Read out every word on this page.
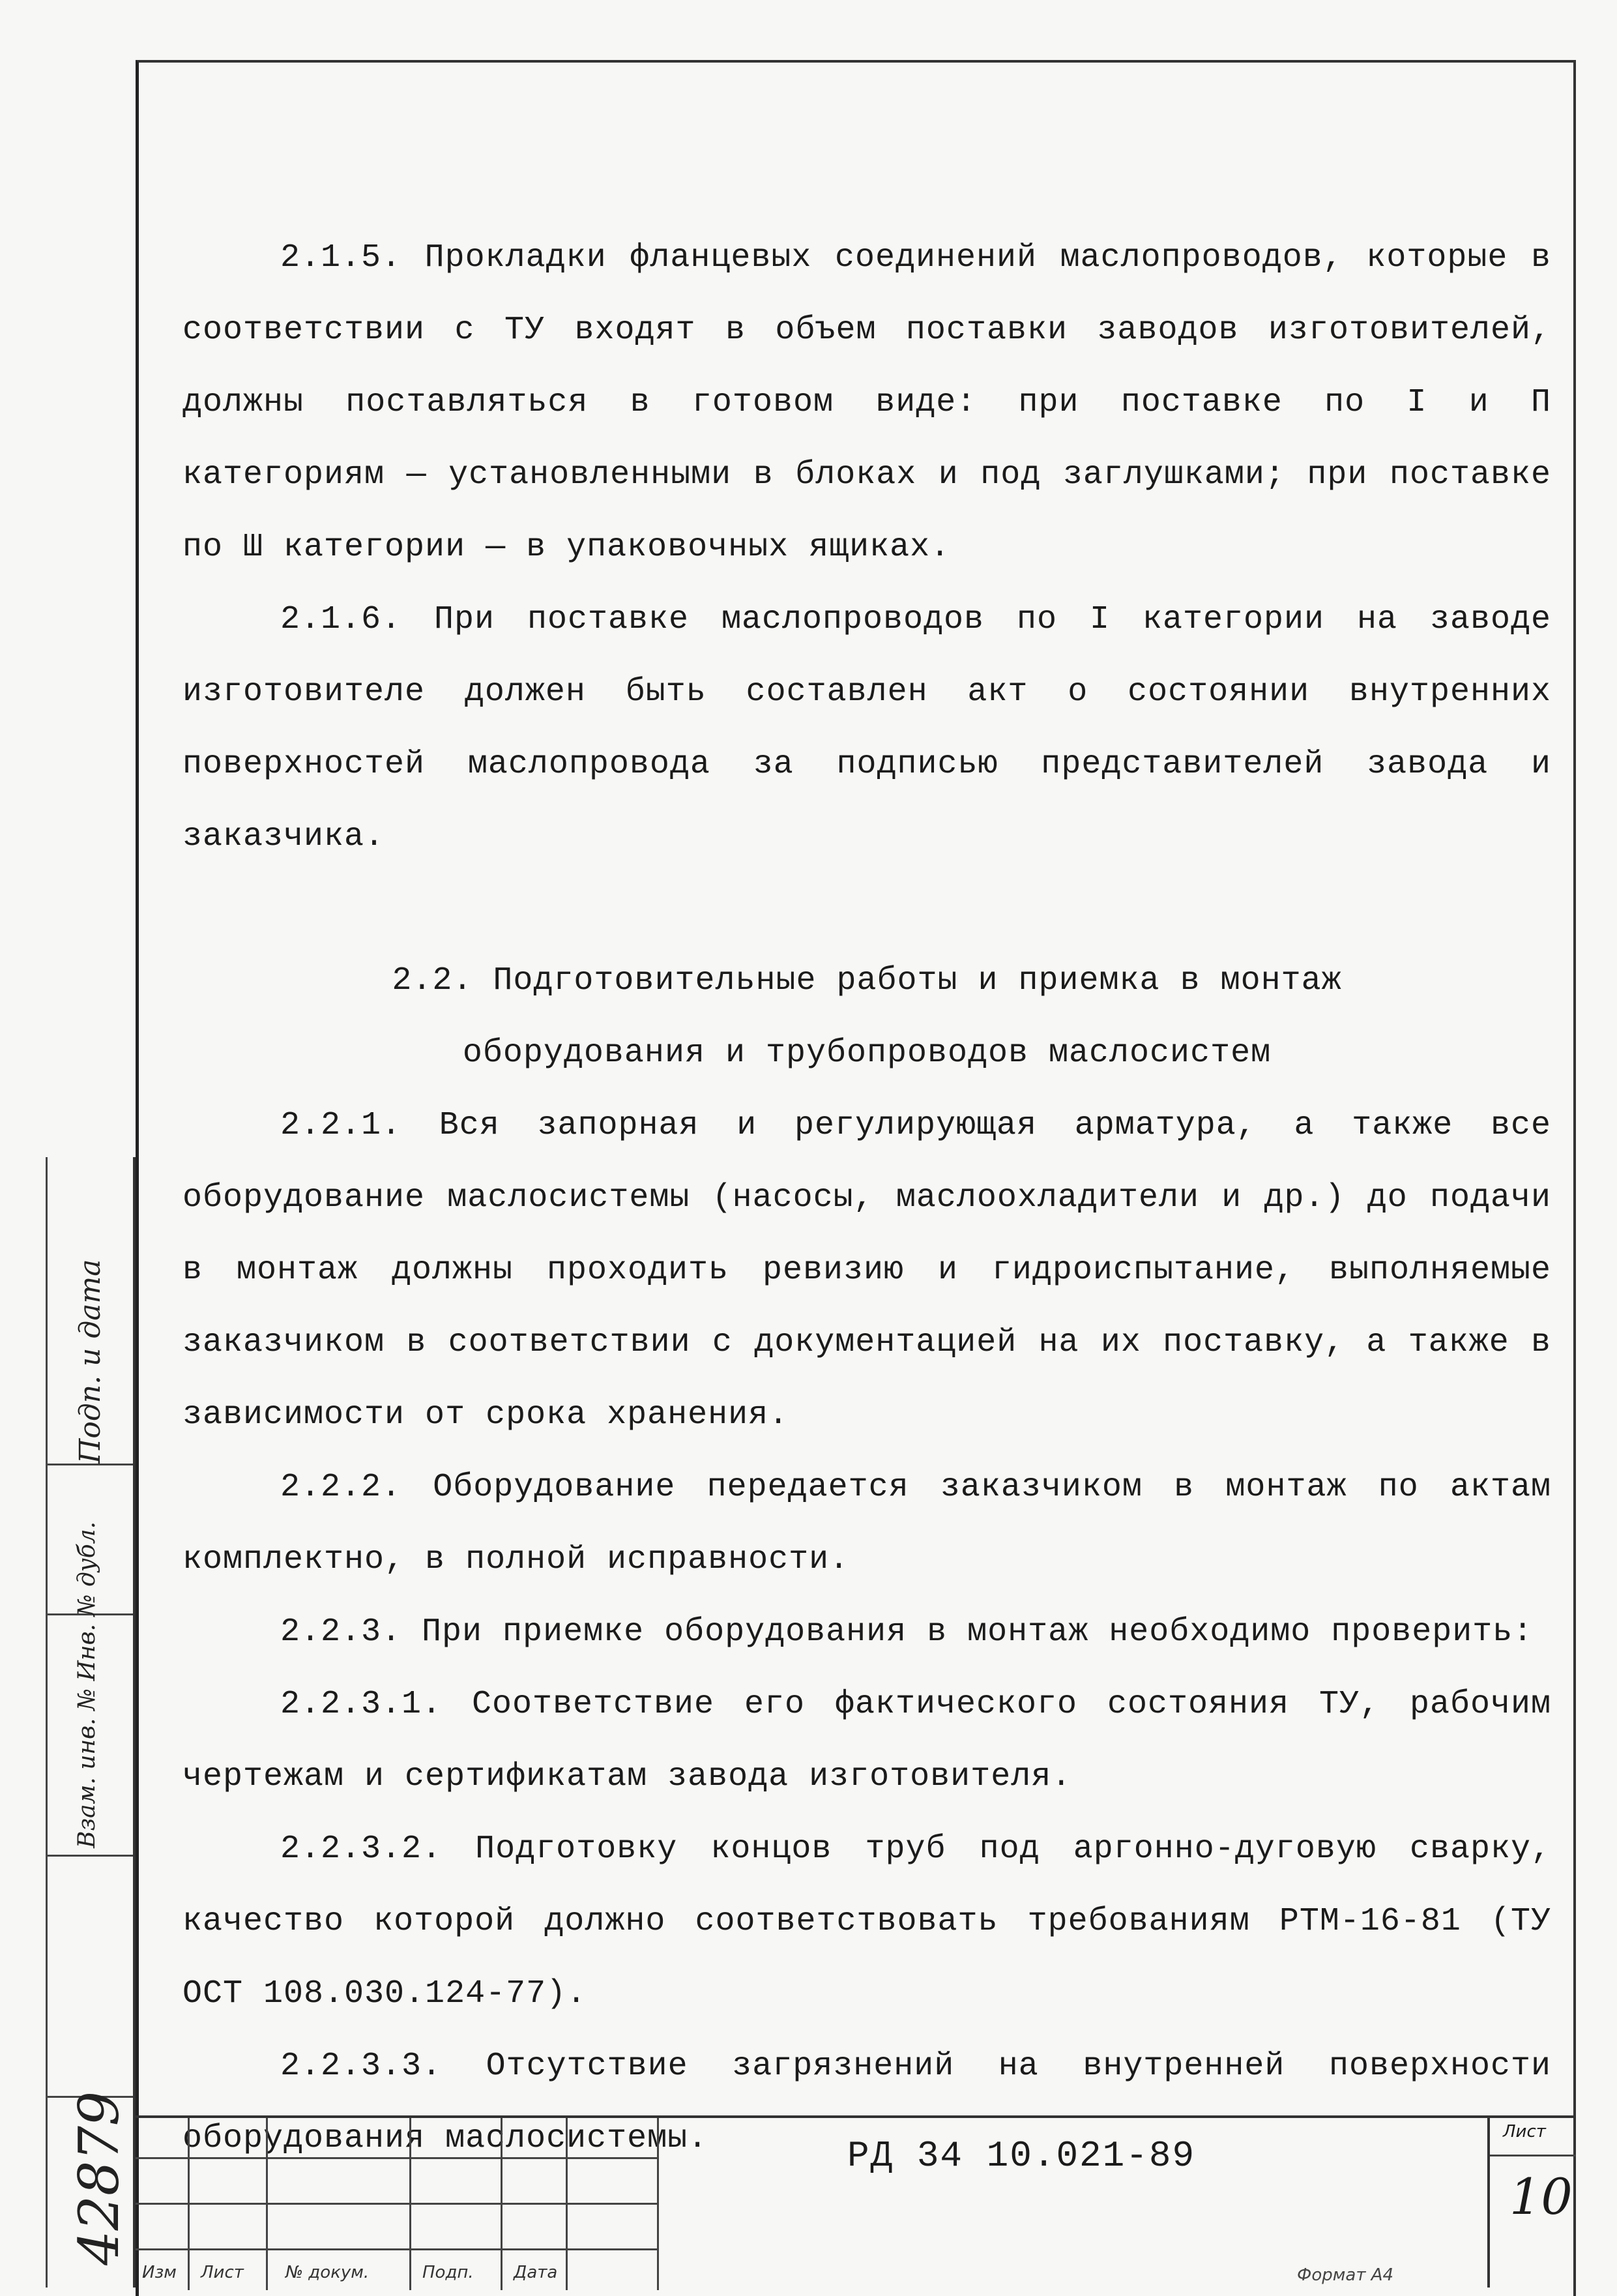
2.1.5. Прокладки фланцевых соединений маслопроводов, которые в соответствии с ТУ входят в объем поставки заводов изготовителей, должны поставляться в готовом виде: при поставке по I и П категориям — установленными в блоках и под заглушками; при поставке по Ш категории — в упаковочных ящиках.

2.1.6. При поставке маслопроводов по I категории на заводе изготовителе должен быть составлен акт о состоянии внутренних поверхностей маслопровода за подписью представителей завода и заказчика.

2.2. Подготовительные работы и приемка в монтаж
оборудования и трубопроводов маслосистем

2.2.1. Вся запорная и регулирующая арматура, а также все оборудование маслосистемы (насосы, маслоохладители и др.) до подачи в монтаж должны проходить ревизию и гидроиспытание, выполняемые заказчиком в соответствии с документацией на их поставку, а также в зависимости от срока хранения.

2.2.2. Оборудование передается заказчиком в монтаж по актам комплектно, в полной исправности.

2.2.3. При приемке оборудования в монтаж необходимо проверить:

2.2.3.1. Соответствие его фактического состояния ТУ, рабочим чертежам и сертификатам завода изготовителя.

2.2.3.2. Подготовку концов труб под аргонно-дуговую сварку, качество которой должно соответствовать требованиям РТМ-16-81 (ТУ ОСТ 108.030.124-77).

2.2.3.3. Отсутствие загрязнений на внутренней поверхности оборудования маслосистемы.

Подп. и дата
Взам. инв. № Инв. № дубл.
42879
Изм Лист № докум.	Подп. Дата
РД 34 10.021-89
Лист
10
Формат А4
